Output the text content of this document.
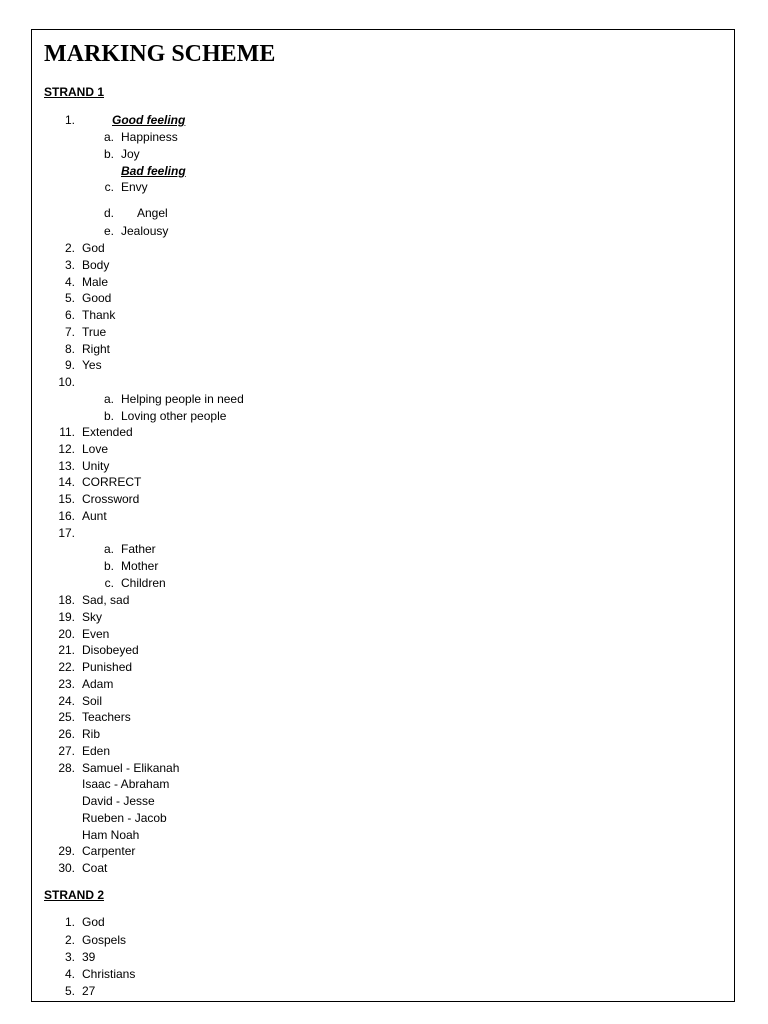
MARKING SCHEME
STRAND 1
1.	Good feeling
a. Happiness
b. Joy
Bad feeling
c. Envy
d. Angel
e. Jealousy
2. God
3. Body
4. Male
5. Good
6. Thank
7. True
8. Right
9. Yes
10.
a. Helping people in need
b. Loving other people
11. Extended
12. Love
13. Unity
14. CORRECT
15. Crossword
16. Aunt
17.
a. Father
b. Mother
c. Children
18. Sad, sad
19. Sky
20. Even
21. Disobeyed
22. Punished
23. Adam
24. Soil
25. Teachers
26. Rib
27. Eden
28. Samuel - Elikanah
Isaac - Abraham
David - Jesse
Rueben - Jacob
Ham Noah
29. Carpenter
30. Coat
STRAND 2
1. God
2. Gospels
3. 39
4. Christians
5. 27
